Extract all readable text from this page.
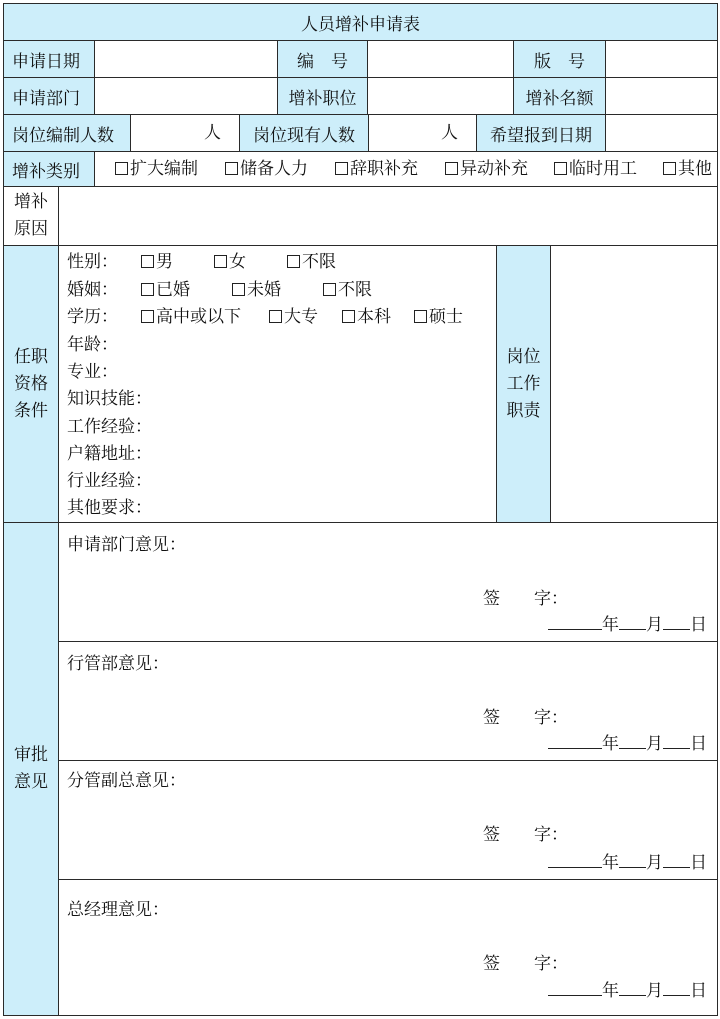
人员增补申请表
申请日期	编　号	版　号
申请部门	增补职位	增补名额
岗位编制人数	人 岗位现有人数	人 希望报到日期
增补类别	扩大编制	储备人力	辞职补充	异动补充	临时用工	其他
增补
原因
任职
资格
条件
性别：	男	女	不限
婚姻：	已婚	未婚	不限
学历：	高中或以下	大专	本科	硕士
年龄：
专业：
知识技能：
工作经验：
户籍地址：
行业经验：
其他要求：
岗位
工作
职责
审批
意见
申请部门意见：
签　　字：
年 月 日
行管部意见：
签　　字：
年 月 日
分管副总意见：
签　　字：
年 月 日
总经理意见：
签　　字：
年 月 日
